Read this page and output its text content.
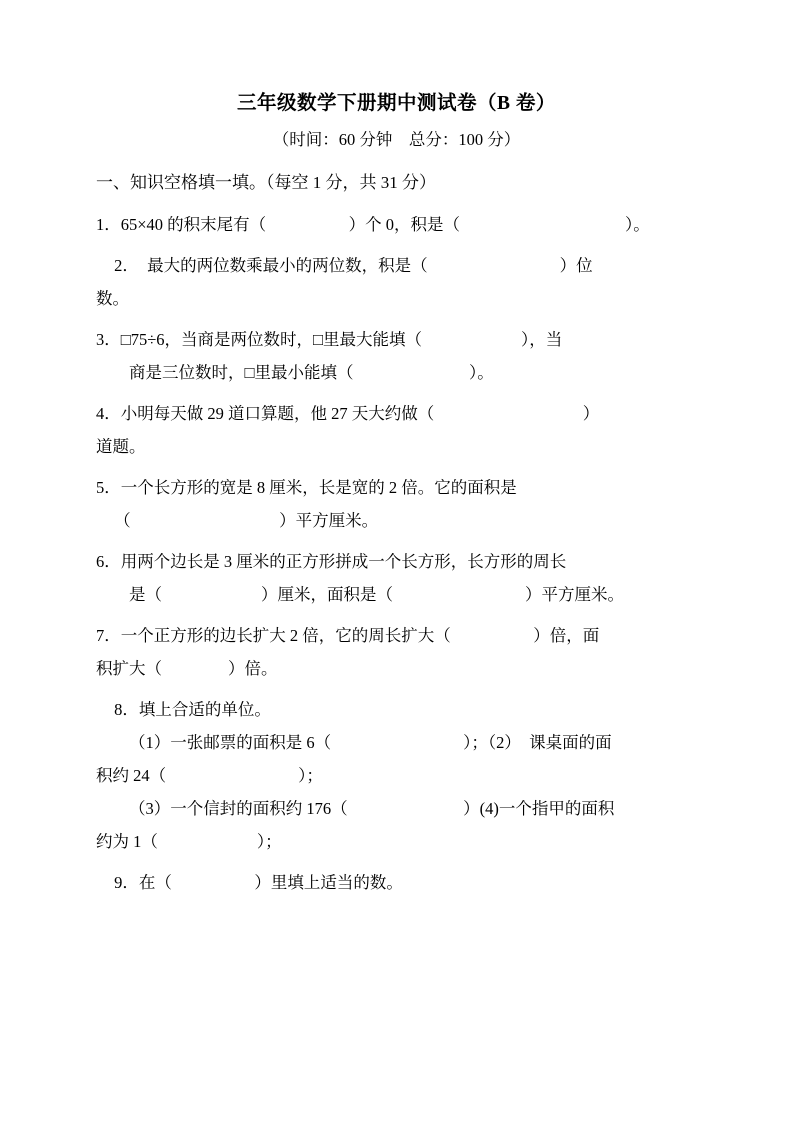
三年级数学下册期中测试卷（B 卷）

（时间：60 分钟　总分：100 分）

一、知识空格填一填。（每空 1 分，共 31 分）

1．65×40 的积末尾有（　　　　　）个 0，积是（　　　　　　　　　　）。
2．　最大的两位数乘最小的两位数，积是（　　　　　　　　）位
数。
3．□75÷6，当商是两位数时，□里最大能填（　　　　　　），当
商是三位数时，□里最小能填（　　　　　　　）。
4．小明每天做 29 道口算题，他 27 天大约做（　　　　　　　　　）
道题。
5．一个长方形的宽是 8 厘米，长是宽的 2 倍。它的面积是
（　　　　　　　　　）平方厘米。
6．用两个边长是 3 厘米的正方形拼成一个长方形，长方形的周长
是（　　　　　　）厘米，面积是（　　　　　　　　）平方厘米。
7．一个正方形的边长扩大 2 倍，它的周长扩大（　　　　　）倍，面
积扩大（　　　　）倍。
8．填上合适的单位。
（1）一张邮票的面积是 6（　　　　　　　　）；（2）　课桌面的面
积约 24（　　　　　　　　）；
（3）一个信封的面积约 176（　　　　　　　）(4)一个指甲的面积
约为 1（　　　　　　）；
9．在（　　　　　）里填上适当的数。
